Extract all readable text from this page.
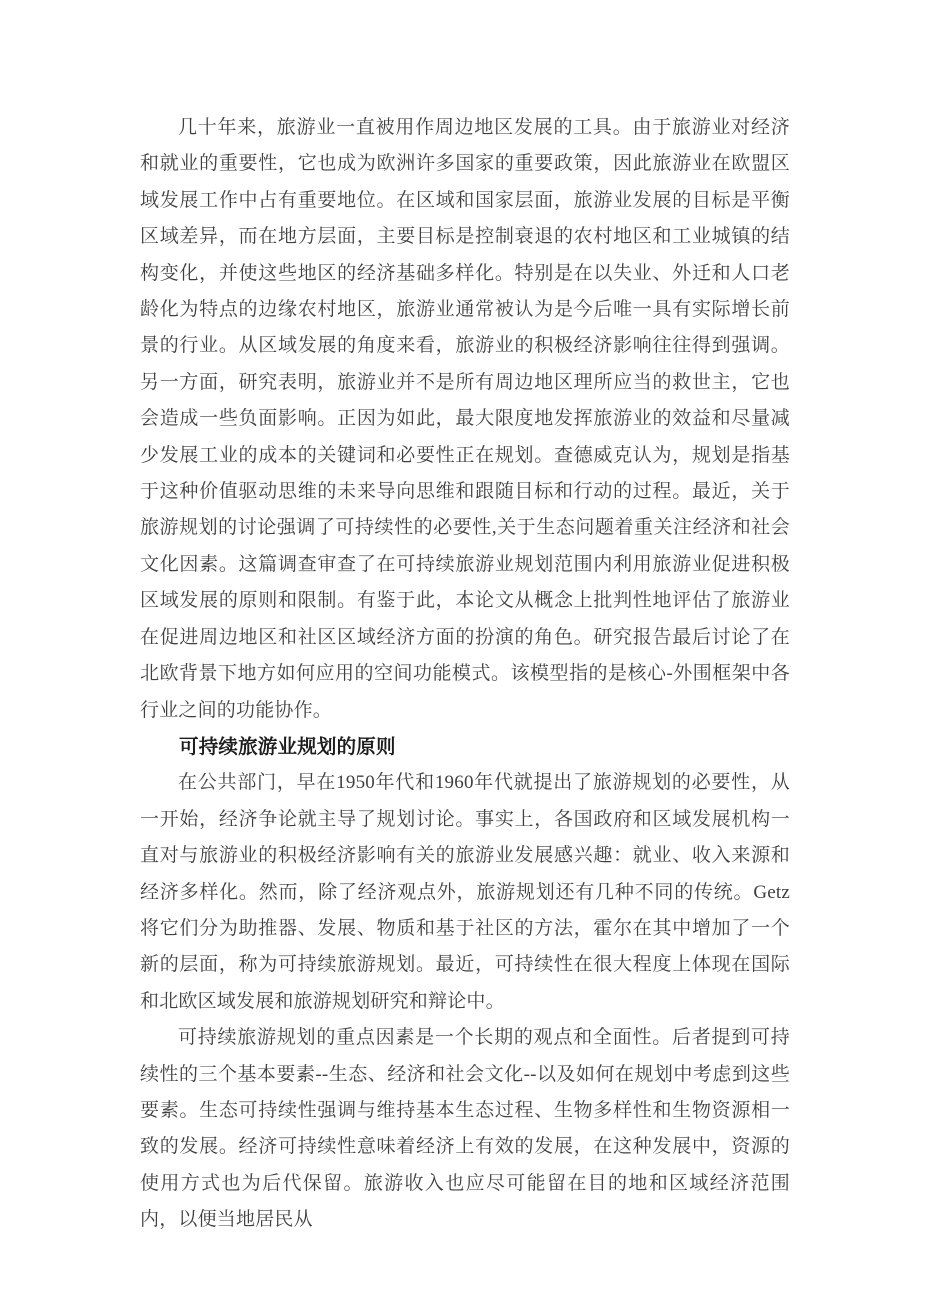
几十年来，旅游业一直被用作周边地区发展的工具。由于旅游业对经济和就业的重要性，它也成为欧洲许多国家的重要政策，因此旅游业在欧盟区域发展工作中占有重要地位。在区域和国家层面，旅游业发展的目标是平衡区域差异，而在地方层面，主要目标是控制衰退的农村地区和工业城镇的结构变化，并使这些地区的经济基础多样化。特别是在以失业、外迁和人口老龄化为特点的边缘农村地区，旅游业通常被认为是今后唯一具有实际增长前景的行业。从区域发展的角度来看，旅游业的积极经济影响往往得到强调。另一方面，研究表明，旅游业并不是所有周边地区理所应当的救世主，它也会造成一些负面影响。正因为如此，最大限度地发挥旅游业的效益和尽量减少发展工业的成本的关键词和必要性正在规划。查德威克认为，规划是指基于这种价值驱动思维的未来导向思维和跟随目标和行动的过程。最近，关于旅游规划的讨论强调了可持续性的必要性,关于生态问题着重关注经济和社会文化因素。这篇调查审查了在可持续旅游业规划范围内利用旅游业促进积极区域发展的原则和限制。有鉴于此，本论文从概念上批判性地评估了旅游业在促进周边地区和社区区域经济方面的扮演的角色。研究报告最后讨论了在北欧背景下地方如何应用的空间功能模式。该模型指的是核心-外围框架中各行业之间的功能协作。

可持续旅游业规划的原则

在公共部门，早在1950年代和1960年代就提出了旅游规划的必要性，从一开始，经济争论就主导了规划讨论。事实上，各国政府和区域发展机构一直对与旅游业的积极经济影响有关的旅游业发展感兴趣：就业、收入来源和经济多样化。然而，除了经济观点外，旅游规划还有几种不同的传统。Getz 将它们分为助推器、发展、物质和基于社区的方法，霍尔在其中增加了一个新的层面，称为可持续旅游规划。最近，可持续性在很大程度上体现在国际和北欧区域发展和旅游规划研究和辩论中。

可持续旅游规划的重点因素是一个长期的观点和全面性。后者提到可持续性的三个基本要素--生态、经济和社会文化--以及如何在规划中考虑到这些要素。生态可持续性强调与维持基本生态过程、生物多样性和生物资源相一致的发展。经济可持续性意味着经济上有效的发展，在这种发展中，资源的使用方式也为后代保留。旅游收入也应尽可能留在目的地和区域经济范围内，以便当地居民从
